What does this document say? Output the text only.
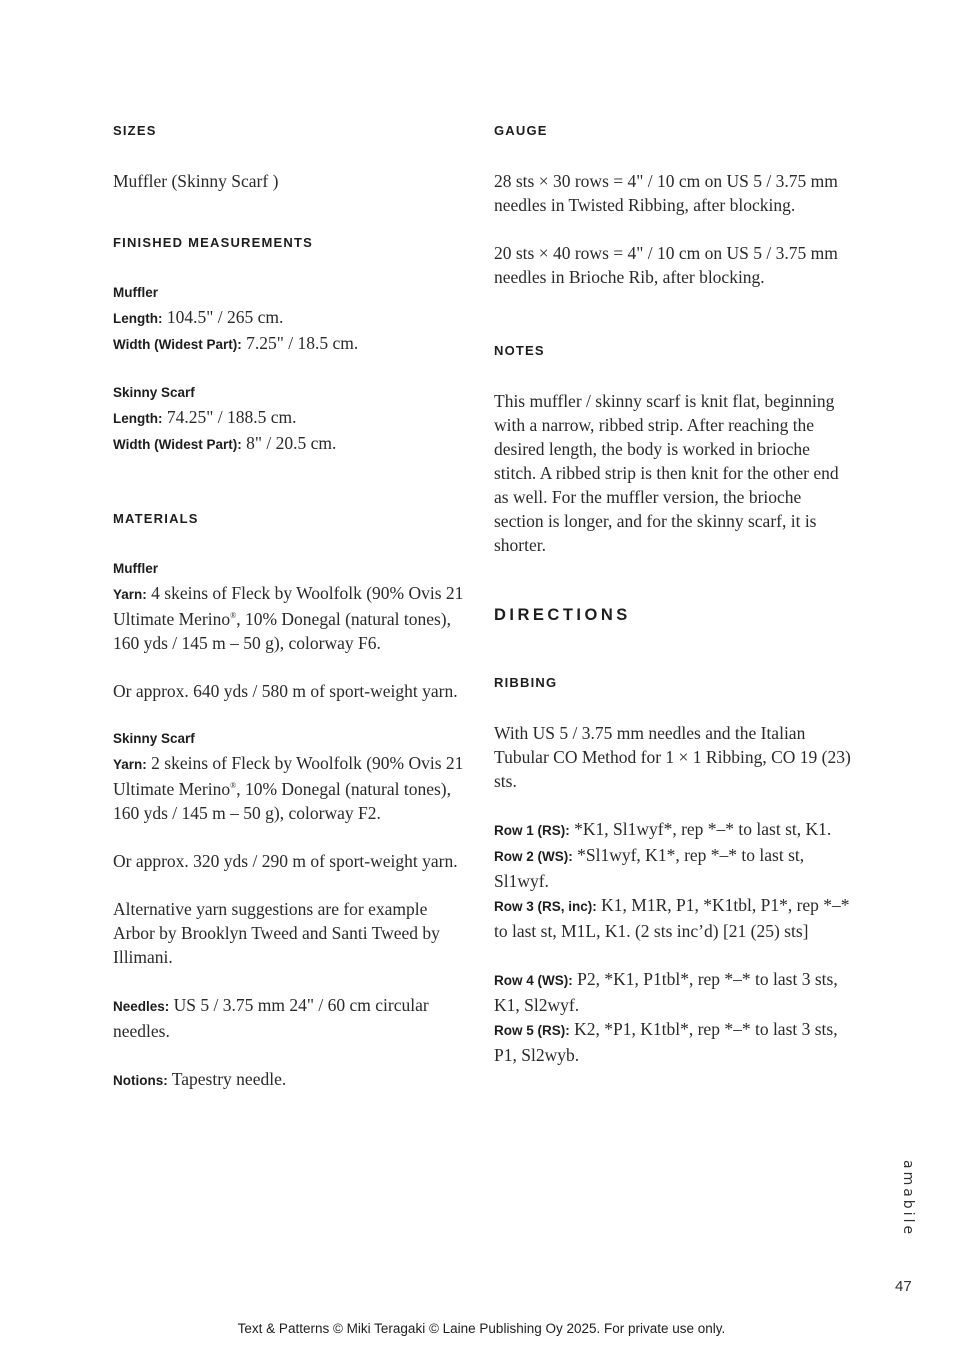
SIZES
Muffler (Skinny Scarf )
FINISHED MEASUREMENTS
Muffler
Length: 104.5" / 265 cm.
Width (Widest Part): 7.25" / 18.5 cm.
Skinny Scarf
Length: 74.25" / 188.5 cm.
Width (Widest Part): 8" / 20.5 cm.
MATERIALS
Muffler
Yarn: 4 skeins of Fleck by Woolfolk (90% Ovis 21 Ultimate Merino®, 10% Donegal (natural tones), 160 yds / 145 m – 50 g), colorway F6.
Or approx. 640 yds / 580 m of sport-weight yarn.
Skinny Scarf
Yarn: 2 skeins of Fleck by Woolfolk (90% Ovis 21 Ultimate Merino®, 10% Donegal (natural tones), 160 yds / 145 m – 50 g), colorway F2.
Or approx. 320 yds / 290 m of sport-weight yarn.
Alternative yarn suggestions are for example Arbor by Brooklyn Tweed and Santi Tweed by Illimani.
Needles: US 5 / 3.75 mm 24" / 60 cm circular needles.
Notions: Tapestry needle.
GAUGE
28 sts × 30 rows = 4" / 10 cm on US 5 / 3.75 mm needles in Twisted Ribbing, after blocking.
20 sts × 40 rows = 4" / 10 cm on US 5 / 3.75 mm needles in Brioche Rib, after blocking.
NOTES
This muffler / skinny scarf is knit flat, beginning with a narrow, ribbed strip. After reaching the desired length, the body is worked in brioche stitch. A ribbed strip is then knit for the other end as well. For the muffler version, the brioche section is longer, and for the skinny scarf, it is shorter.
DIRECTIONS
RIBBING
With US 5 / 3.75 mm needles and the Italian Tubular CO Method for 1 × 1 Ribbing, CO 19 (23) sts.
Row 1 (RS): *K1, Sl1wyf*, rep *–* to last st, K1.
Row 2 (WS): *Sl1wyf, K1*, rep *–* to last st, Sl1wyf.
Row 3 (RS, inc): K1, M1R, P1, *K1tbl, P1*, rep *–* to last st, M1L, K1. (2 sts inc’d) [21 (25) sts]
Row 4 (WS): P2, *K1, P1tbl*, rep *–* to last 3 sts, K1, Sl2wyf.
Row 5 (RS): K2, *P1, K1tbl*, rep *–* to last 3 sts, P1, Sl2wyb.
amabile
47
Text & Patterns © Miki Teragaki © Laine Publishing Oy 2025. For private use only.
